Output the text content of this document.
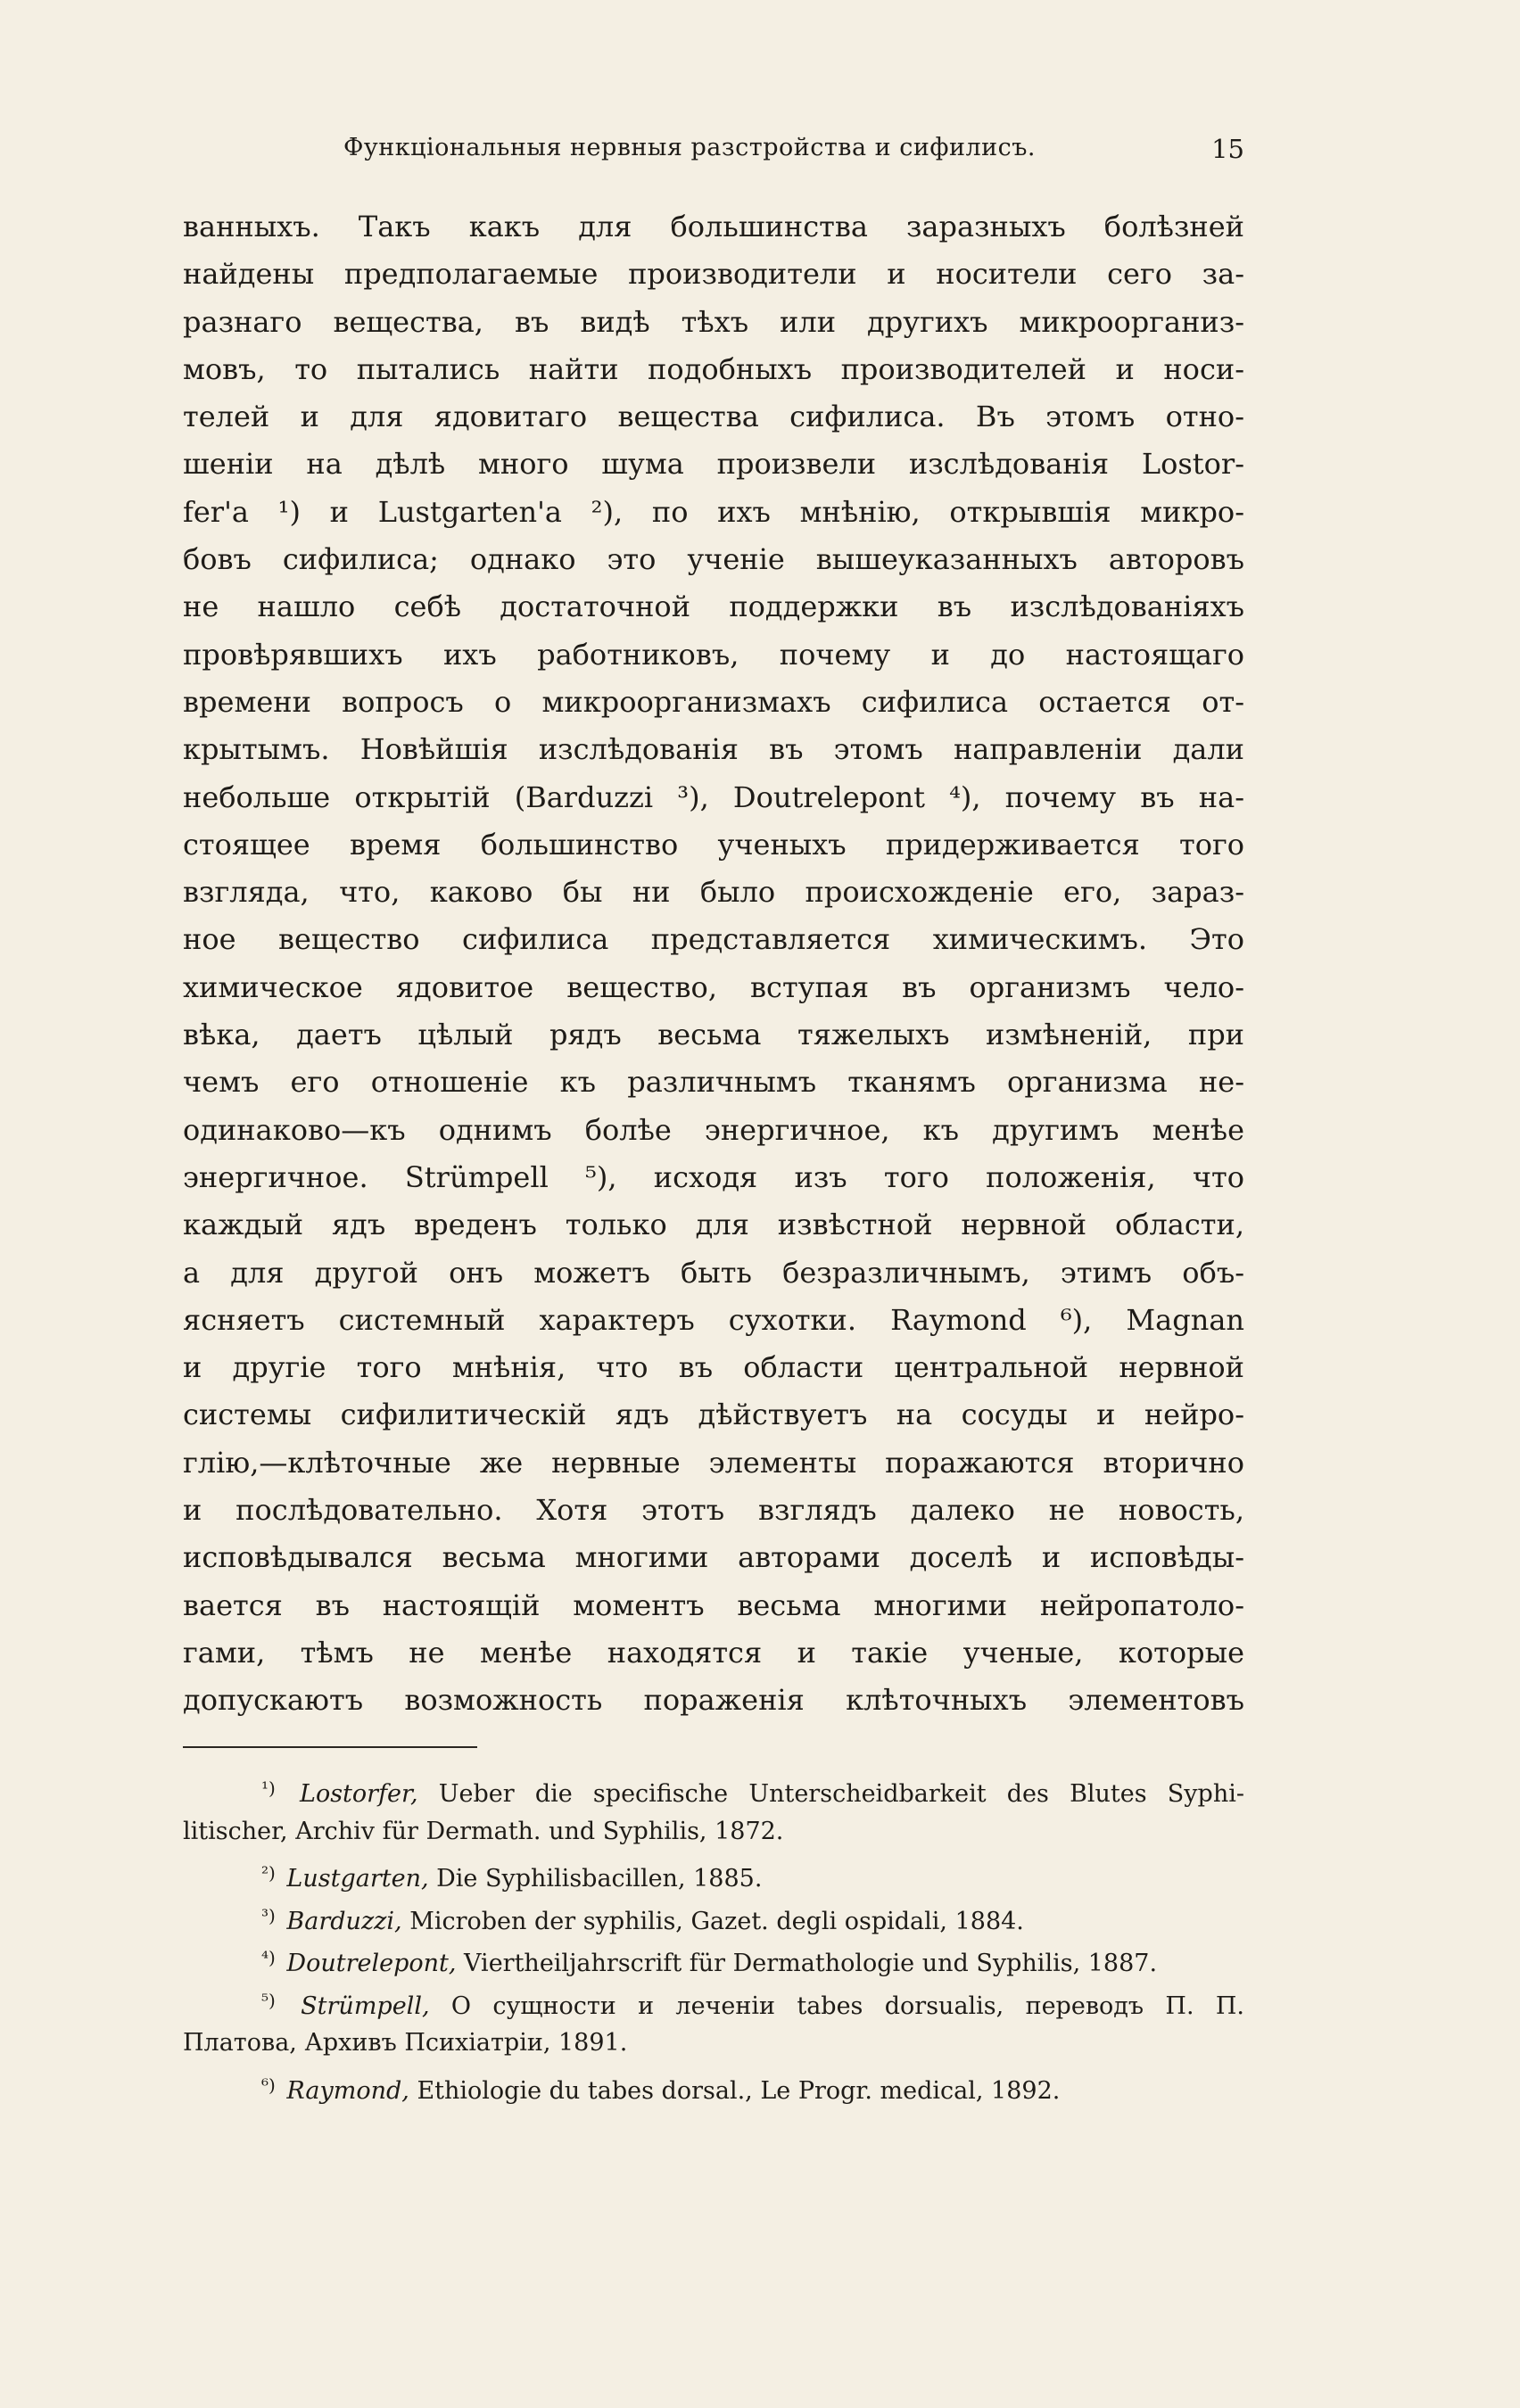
Функціональныя нервныя разстройства и сифилисъ.	15
ванныхъ. Такъ какъ для большинства заразныхъ болѣзней
найдены предполагаемые производители и носители сего за-
разнаго вещества, въ видѣ тѣхъ или другихъ микроорганиз-
мовъ, то пытались найти подобныхъ производителей и носи-
телей и для ядовитаго вещества сифилиса. Въ этомъ отно-
шеніи на дѣлѣ много шума произвели изслѣдованія Lostor-
fer'а ¹) и Lustgarten'а ²), по ихъ мнѣнію, открывшія микро-
бовъ сифилиса; однако это ученіе вышеуказанныхъ авторовъ
не нашло себѣ достаточной поддержки въ изслѣдованіяхъ
провѣрявшихъ ихъ работниковъ, почему и до настоящаго
времени вопросъ о микроорганизмахъ сифилиса остается от-
крытымъ. Новѣйшія изслѣдованія въ этомъ направленіи дали
небольше открытій (Barduzzi ³), Doutrelepont ⁴), почему въ на-
стоящее время большинство ученыхъ придерживается того
взгляда, что, каково бы ни было происхожденіе его, зараз-
ное вещество сифилиса представляется химическимъ. Это
химическое ядовитое вещество, вступая въ организмъ чело-
вѣка, даетъ цѣлый рядъ весьма тяжелыхъ измѣненій, при
чемъ его отношеніе къ различнымъ тканямъ организма не-
одинаково—къ однимъ болѣе энергичное, къ другимъ менѣе
энергичное. Strümpell ⁵), исходя изъ того положенія, что
каждый ядъ вреденъ только для извѣстной нервной области,
а для другой онъ можетъ быть безразличнымъ, этимъ объ-
ясняетъ системный характеръ сухотки. Raymond ⁶), Magnan
и другіе того мнѣнія, что въ области центральной нервной
системы сифилитическій ядъ дѣйствуетъ на сосуды и нейро-
глію,—клѣточные же нервные элементы поражаются вторично
и послѣдовательно. Хотя этотъ взглядъ далеко не новость,
исповѣдывался весьма многими авторами доселѣ и исповѣды-
вается въ настоящій моментъ весьма многими нейропатоло-
гами, тѣмъ не менѣе находятся и такіе ученые, которые
допускаютъ возможность пораженія клѣточныхъ элементовъ
¹) Lostorfer, Ueber die specifische Unterscheidbarkeit des Blutes Syphi-
litischer, Archiv für Dermath. und Syphilis, 1872.
²) Lustgarten, Die Syphilisbacillen, 1885.
³) Barduzzi, Microben der syphilis, Gazet. degli ospidali, 1884.
⁴) Doutrelepont, Viertheiljahrscrift für Dermathologie und Syphilis, 1887.
⁵) Strümpell, О сущности и леченіи tabes dorsualis, переводъ П. П.
Платова, Архивъ Психіатріи, 1891.
⁶) Raymond, Ethiologie du tabes dorsal., Le Progr. medical, 1892.
